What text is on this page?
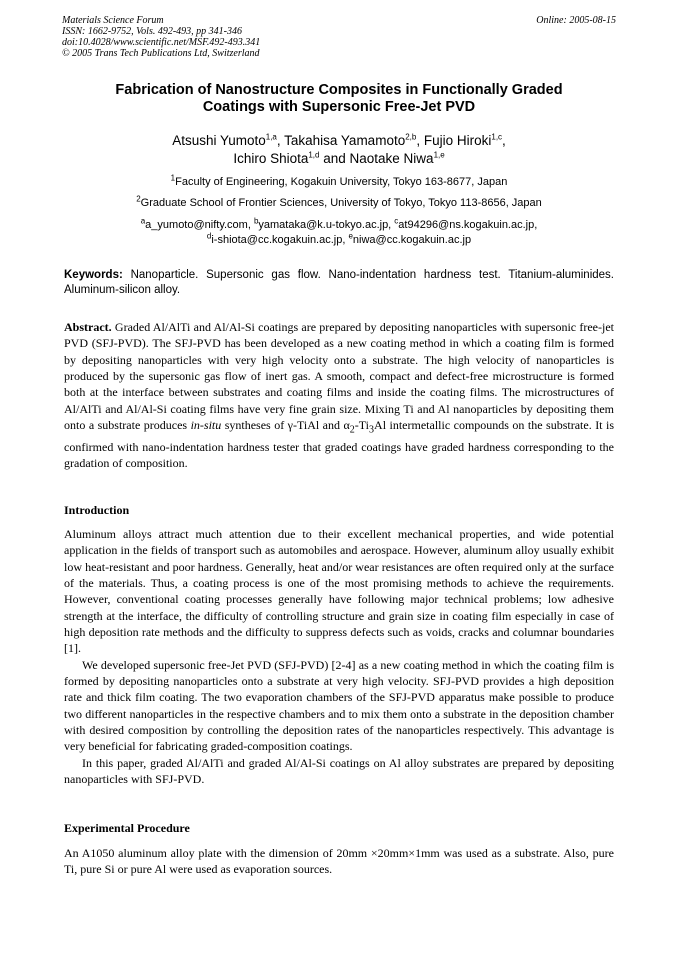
Materials Science Forum
ISSN: 1662-9752, Vols. 492-493, pp 341-346
doi:10.4028/www.scientific.net/MSF.492-493.341
© 2005 Trans Tech Publications Ltd, Switzerland
Online: 2005-08-15
Fabrication of Nanostructure Composites in Functionally Graded
Coatings with Supersonic Free-Jet PVD
Atsushi Yumoto$^{1,a}$, Takahisa Yamamoto$^{2,b}$, Fujio Hiroki$^{1,c}$,
Ichiro Shiota$^{1,d}$ and Naotake Niwa$^{1,e}$
$^1$Faculty of Engineering, Kogakuin University, Tokyo 163-8677, Japan
$^2$Graduate School of Frontier Sciences, University of Tokyo, Tokyo 113-8656, Japan
$^a$a_yumoto@nifty.com, $^b$yamataka@k.u-tokyo.ac.jp, $^c$at94296@ns.kogakuin.ac.jp,
$^d$i-shiota@cc.kogakuin.ac.jp, $^e$niwa@cc.kogakuin.ac.jp
Keywords: Nanoparticle. Supersonic gas flow. Nano-indentation hardness test. Titanium-aluminides. Aluminum-silicon alloy.
Abstract. Graded Al/AlTi and Al/Al-Si coatings are prepared by depositing nanoparticles with supersonic free-jet PVD (SFJ-PVD). The SFJ-PVD has been developed as a new coating method in which a coating film is formed by depositing nanoparticles with very high velocity onto a substrate. The high velocity of nanoparticles is produced by the supersonic gas flow of inert gas. A smooth, compact and defect-free microstructure is formed both at the interface between substrates and coating films and inside the coating films. The microstructures of Al/AlTi and Al/Al-Si coating films have very fine grain size. Mixing Ti and Al nanoparticles by depositing them onto a substrate produces in-situ syntheses of γ-TiAl and $\alpha_2-Ti_3Al$ intermetallic compounds on the substrate. It is confirmed with nano-indentation hardness tester that graded coatings have graded hardness corresponding to the gradation of composition.
Introduction

Aluminum alloys attract much attention due to their excellent mechanical properties, and wide potential application in the fields of transport such as automobiles and aerospace. However, aluminum alloy usually exhibit low heat-resistant and poor hardness. Generally, heat and/or wear resistances are often required only at the surface of the materials. Thus, a coating process is one of the most promising methods to achieve the requirements. However, conventional coating processes generally have following major technical problems; low adhesive strength at the interface, the difficulty of controlling structure and grain size in coating film especially in case of high deposition rate methods and the difficulty to suppress defects such as voids, cracks and columnar boundaries [1].

We developed supersonic free-Jet PVD (SFJ-PVD) [2-4] as a new coating method in which the coating film is formed by depositing nanoparticles onto a substrate at very high velocity. SFJ-PVD provides a high deposition rate and thick film coating. The two evaporation chambers of the SFJ-PVD apparatus make possible to produce two different nanoparticles in the respective chambers and to mix them onto a substrate in the deposition chamber with desired composition by controlling the deposition rates of the nanoparticles respectively. This advantage is very beneficial for fabricating graded-composition coatings.

In this paper, graded Al/AlTi and graded Al/Al-Si coatings on Al alloy substrates are prepared by depositing nanoparticles with SFJ-PVD.

Experimental Procedure

An A1050 aluminum alloy plate with the dimension of 20mm ×20mm×1mm was used as a substrate. Also, pure Ti, pure Si or pure Al were used as evaporation sources.
